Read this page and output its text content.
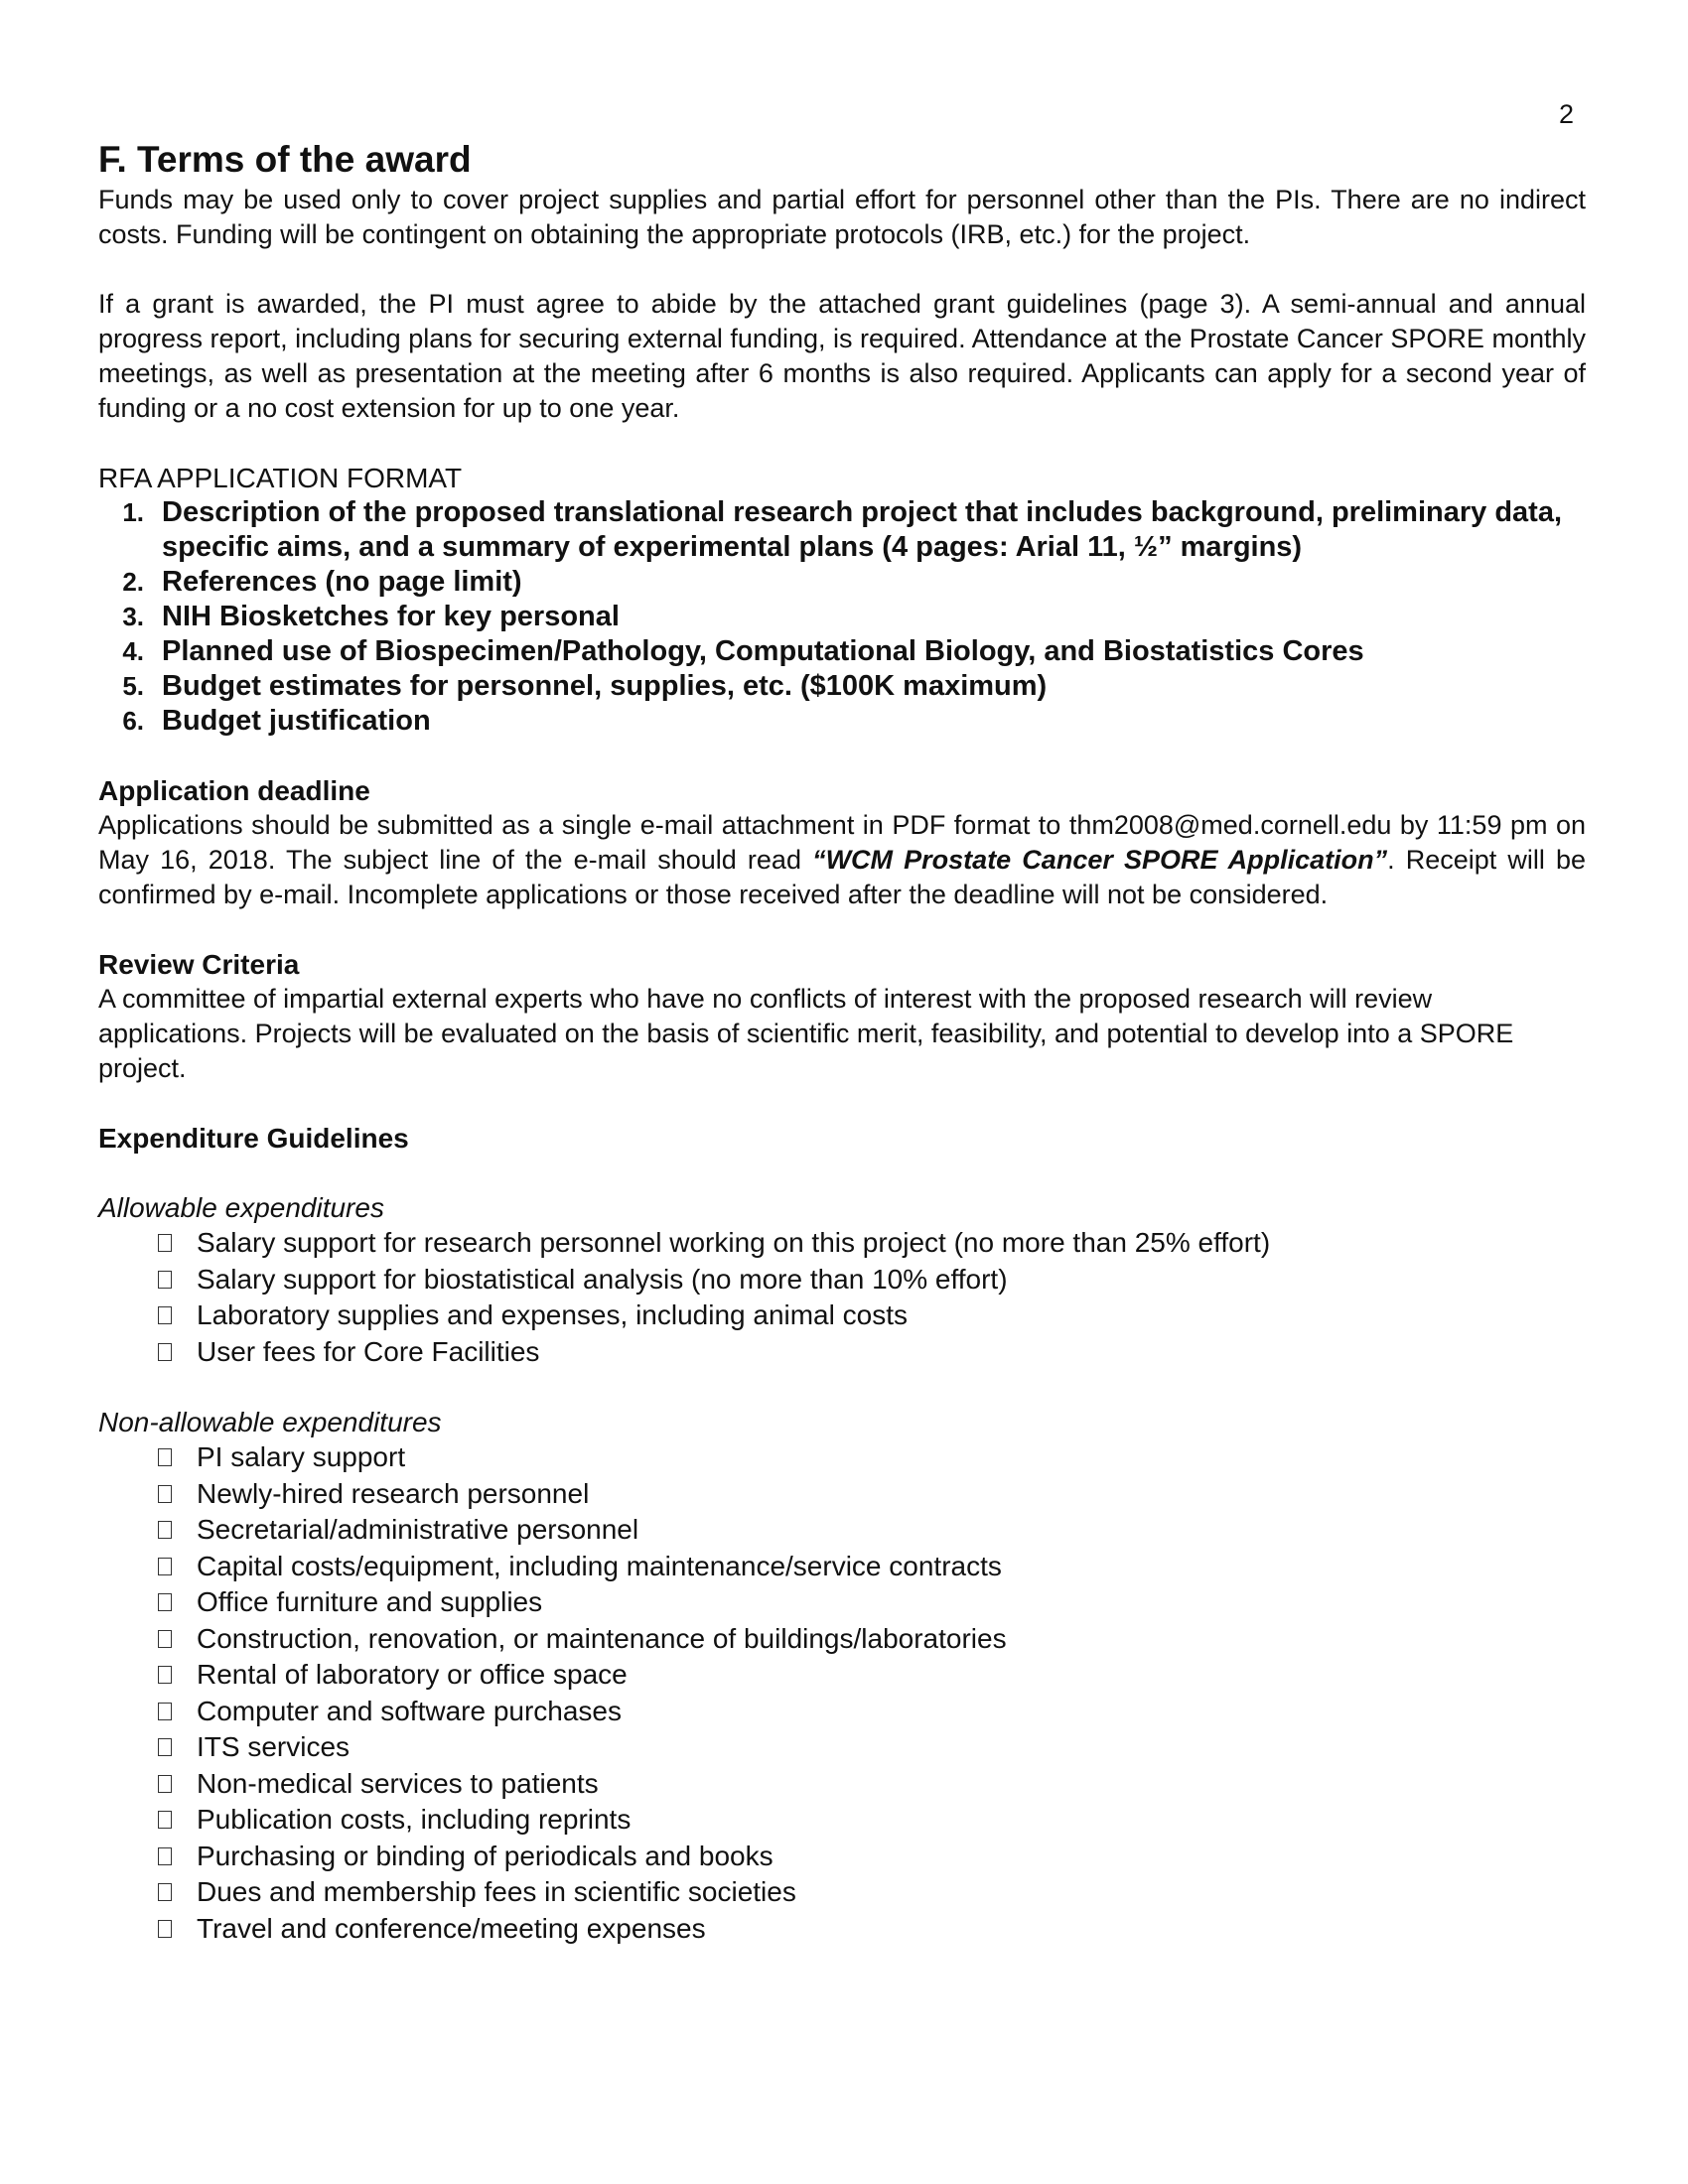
2
F. Terms of the award

Funds may be used only to cover project supplies and partial effort for personnel other than the PIs. There are no indirect costs. Funding will be contingent on obtaining the appropriate protocols (IRB, etc.) for the project.

If a grant is awarded, the PI must agree to abide by the attached grant guidelines (page 3). A semi-annual and annual progress report, including plans for securing external funding, is required. Attendance at the Prostate Cancer SPORE monthly meetings, as well as presentation at the meeting after 6 months is also required. Applicants can apply for a second year of funding or a no cost extension for up to one year.

RFA APPLICATION FORMAT

1. Description of the proposed translational research project that includes background, preliminary data, specific aims, and a summary of experimental plans (4 pages: Arial 11, ½” margins)
2. References (no page limit)
3. NIH Biosketches for key personal
4. Planned use of Biospecimen/Pathology, Computational Biology, and Biostatistics Cores
5. Budget estimates for personnel, supplies, etc. ($100K maximum)
6. Budget justification

Application deadline

Applications should be submitted as a single e-mail attachment in PDF format to thm2008@med.cornell.edu by 11:59 pm on May 16, 2018. The subject line of the e-mail should read “WCM Prostate Cancer SPORE Application”. Receipt will be confirmed by e-mail. Incomplete applications or those received after the deadline will not be considered.

Review Criteria

A committee of impartial external experts who have no conflicts of interest with the proposed research will review applications. Projects will be evaluated on the basis of scientific merit, feasibility, and potential to develop into a SPORE project.

Expenditure Guidelines

Allowable expenditures

Salary support for research personnel working on this project (no more than 25% effort)
Salary support for biostatistical analysis (no more than 10% effort)
Laboratory supplies and expenses, including animal costs
User fees for Core Facilities

Non-allowable expenditures

PI salary support
Newly-hired research personnel
Secretarial/administrative personnel
Capital costs/equipment, including maintenance/service contracts
Office furniture and supplies
Construction, renovation, or maintenance of buildings/laboratories
Rental of laboratory or office space
Computer and software purchases
ITS services
Non-medical services to patients
Publication costs, including reprints
Purchasing or binding of periodicals and books
Dues and membership fees in scientific societies
Travel and conference/meeting expenses
